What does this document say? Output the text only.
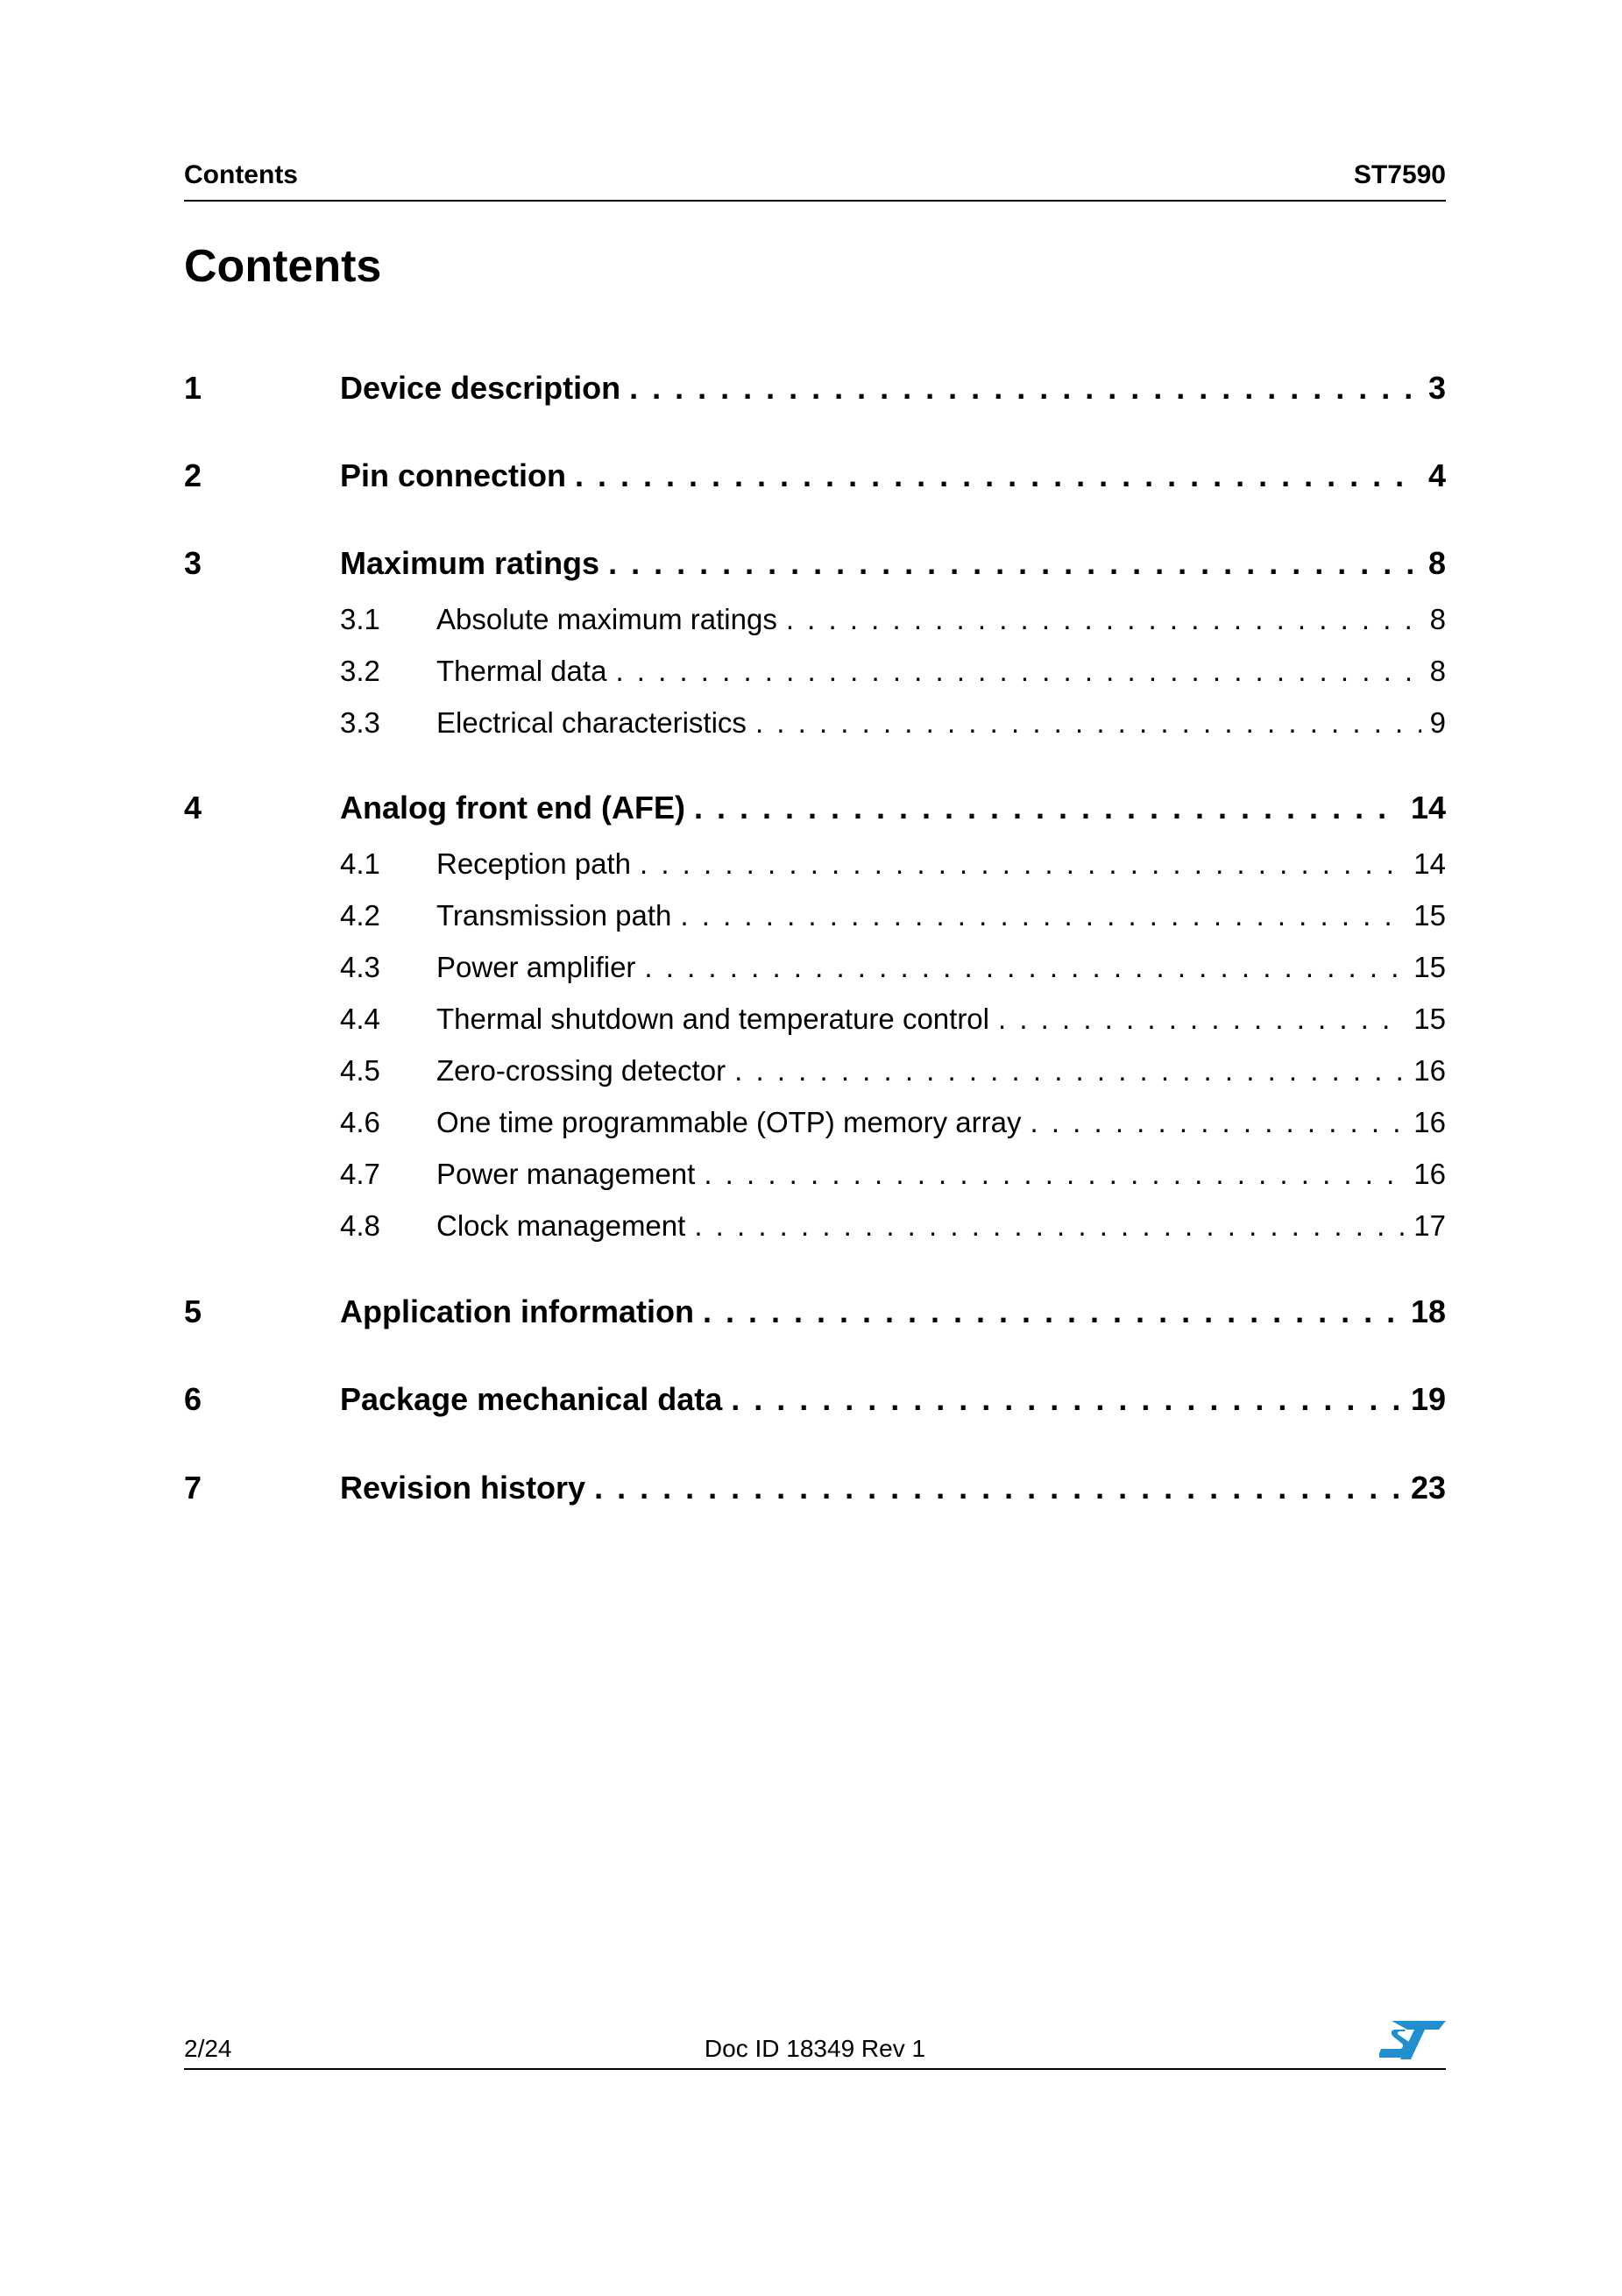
Contents	ST7590
Contents
1	Device description . . .	3
2	Pin connection . . .	4
3	Maximum ratings . . .	8
3.1 Absolute maximum ratings . . .	8
3.2 Thermal data . . .	8
3.3 Electrical characteristics . . .	9
4	Analog front end (AFE) . . .	14
4.1 Reception path . . .	14
4.2 Transmission path . . .	15
4.3 Power amplifier . . .	15
4.4 Thermal shutdown and temperature control . . .	15
4.5 Zero-crossing detector . . .	16
4.6 One time programmable (OTP) memory array . . .	16
4.7 Power management . . .	16
4.8 Clock management . . .	17
5	Application information . . .	18
6	Package mechanical data . . .	19
7	Revision history . . .	23
2/24	Doc ID 18349 Rev 1
